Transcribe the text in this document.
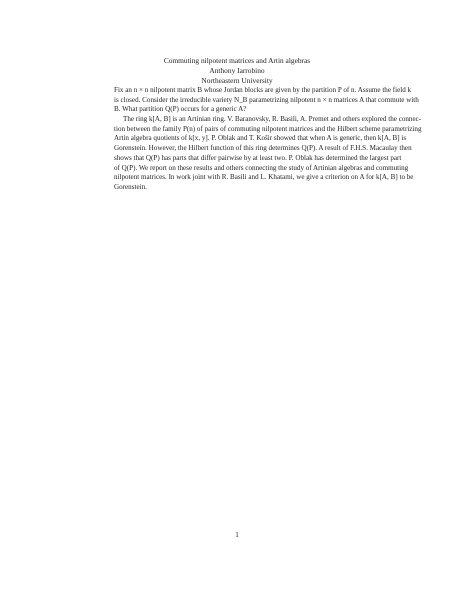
Commuting nilpotent matrices and Artin algebras
Anthony Iarrobino
Northeastern University
Fix an n × n nilpotent matrix B whose Jordan blocks are given by the partition P of n. Assume the field k
is closed. Consider the irreducible variety N_B parametrizing nilpotent n × n matrices A that commute with
B. What partition Q(P) occurs for a generic A?
The ring k[A, B] is an Artinian ring. V. Baranovsky, R. Basili, A. Premet and others explored the connec-
tion between the family P(n) of pairs of commuting nilpotent matrices and the Hilbert scheme parametrizing
Artin algebra quotients of k[x, y]. P. Oblak and T. Košir showed that when A is generic, then k[A, B] is
Gorenstein. However, the Hilbert function of this ring determines Q(P). A result of F.H.S. Macaulay then
shows that Q(P) has parts that differ pairwise by at least two. P. Oblak has determined the largest part
of Q(P). We report on these results and others connecting the study of Artinian algebras and commuting
nilpotent matrices. In work joint with R. Basili and L. Khatami, we give a criterion on A for k[A, B] to be
Gorenstein.
1
